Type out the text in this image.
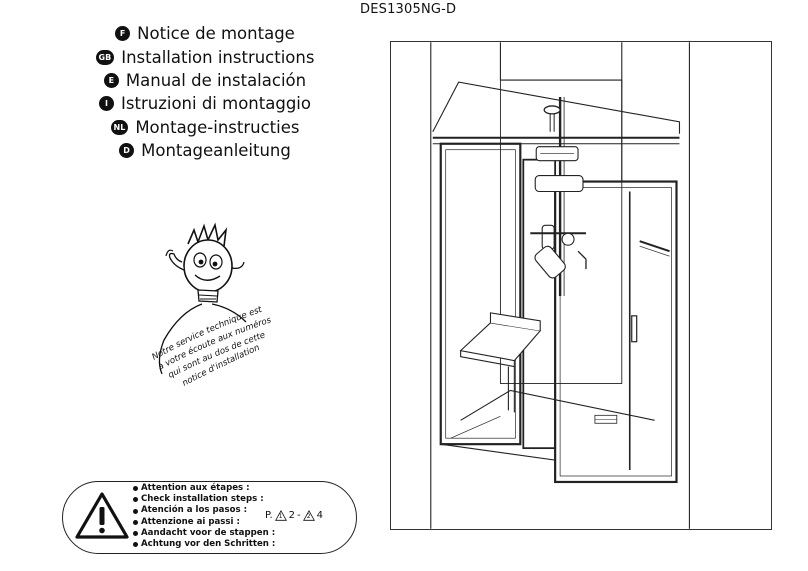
DES1305NG-D
F Notice de montage
GB Installation instructions
E Manual de instalación
I Istruzioni di montaggio
NL Montage-instructies
D Montageanleitung
Notre service technique est
à votre écoute aux numéros
qui sont au dos de cette
notice d'installation
Attention aux étapes :
Check installation steps :
Atención a los pasos :
Attenzione ai passi :
Aandacht voor de stappen :
Achtung vor den Schritten :
P. 1 2 - 2 4
